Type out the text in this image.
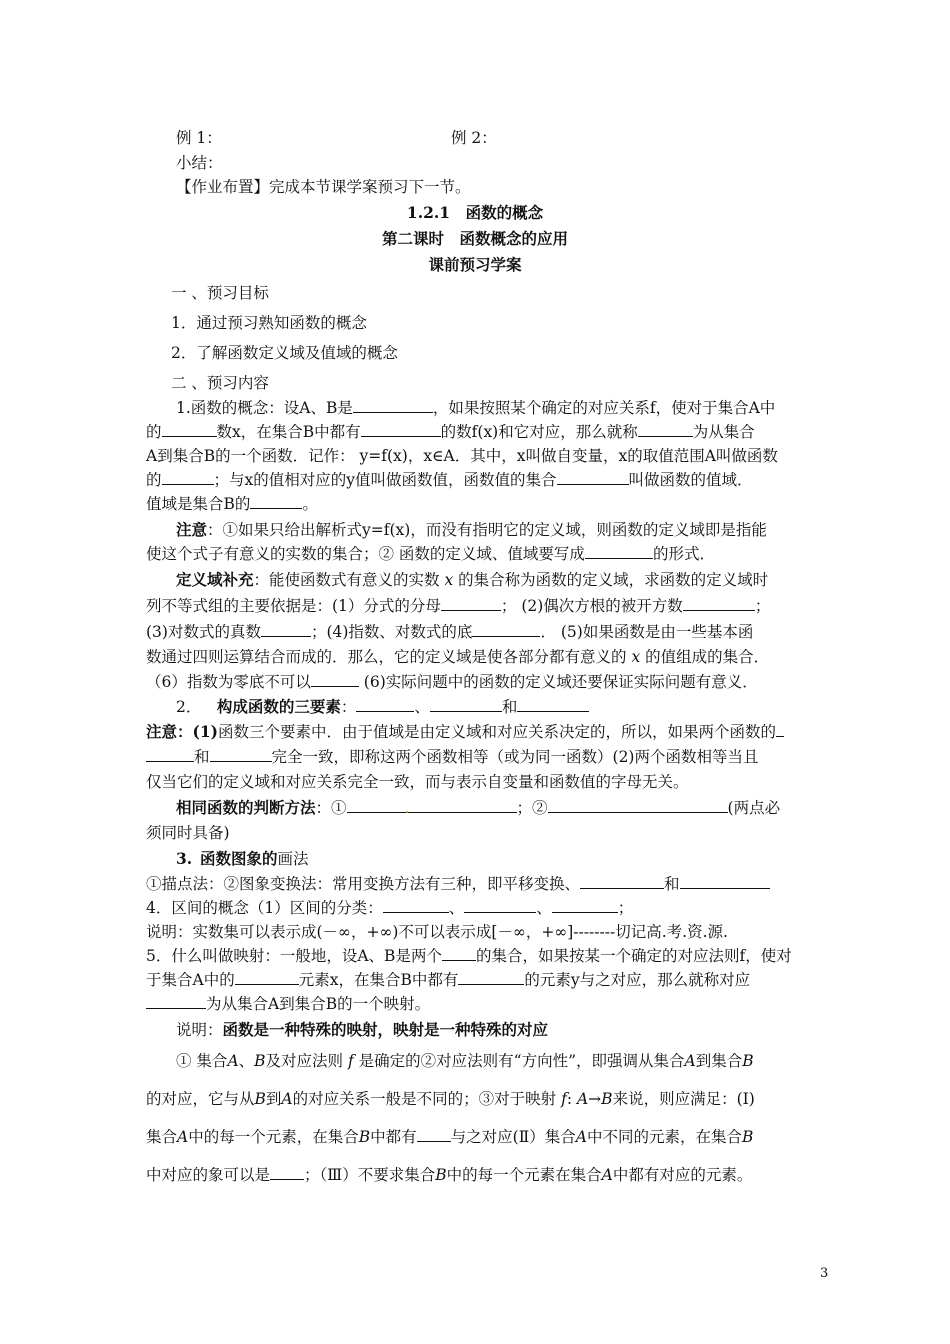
例 1：	例 2：
小结：
【作业布置】完成本节课学案预习下一节。
1.2.1　函数的概念
第二课时　函数概念的应用
课前预习学案
一 、预习目标
1．通过预习熟知函数的概念
2．了解函数定义域及值域的概念
二 、预习内容
1.函数的概念：设A、B是	，如果按照某个确定的对应关系f，使对于集合A中
的	数x，在集合B中都有	的数f(x)和它对应，那么就称	为从集合
A到集合B的一个函数．记作： y=f(x)，x∈A．其中，x叫做自变量，x的取值范围A叫做函数
的	；与x的值相对应的y值叫做函数值，函数值的集合	叫做函数的值域．
值域是集合B的	。
注意：①如果只给出解析式y=f(x)，而没有指明它的定义域，则函数的定义域即是指能
使这个式子有意义的实数的集合；② 函数的定义域、值域要写成	的形式．
定义域补充：能使函数式有意义的实数 x 的集合称为函数的定义域，求函数的定义域时
列不等式组的主要依据是：(1）分式的分母	； (2)偶次方根的被开方数	；
(3)对数式的真数	；(4)指数、对数式的底	． (5)如果函数是由一些基本函
数通过四则运算结合而成的．那么，它的定义域是使各部分都有意义的 x 的值组成的集合．
（6）指数为零底不可以	(6)实际问题中的函数的定义域还要保证实际问题有意义．
2．  构成函数的三要素：	、	和
注意：(1)函数三个要素中．由于值域是由定义域和对应关系决定的，所以，如果两个函数的
和	完全一致，即称这两个函数相等（或为同一函数）(2)两个函数相等当且
仅当它们的定义域和对应关系完全一致，而与表示自变量和函数值的字母无关。
相同函数的判断方法：①	.	；②	(两点必
须同时具备)
3.  函数图象的画法
①描点法：②图象变换法：常用变换方法有三种，即平移变换、	和
4．区间的概念（1）区间的分类：	、	、	；
说明：实数集可以表示成(－∞，+∞)不可以表示成[－∞，+∞]--------切记高.考.资.源.
5．什么叫做映射：一般地，设A、B是两个 的集合，如果按某一个确定的对应法则f，使对
于集合A中的	元素x，在集合B中都有	的元素y与之对应，那么就称对应
为从集合A到集合B的一个映射。
说明：函数是一种特殊的映射，映射是一种特殊的对应
① 集合A、B及对应法则 f 是确定的②对应法则有“方向性”，即强调从集合A到集合B
的对应，它与从B到A的对应关系一般是不同的；③对于映射 f: A→B来说，则应满足：(Ⅰ)
集合A中的每一个元素，在集合B中都有 与之对应(Ⅱ）集合A中不同的元素，在集合B
中对应的象可以是 ；（Ⅲ）不要求集合B中的每一个元素在集合A中都有对应的元素。
3
